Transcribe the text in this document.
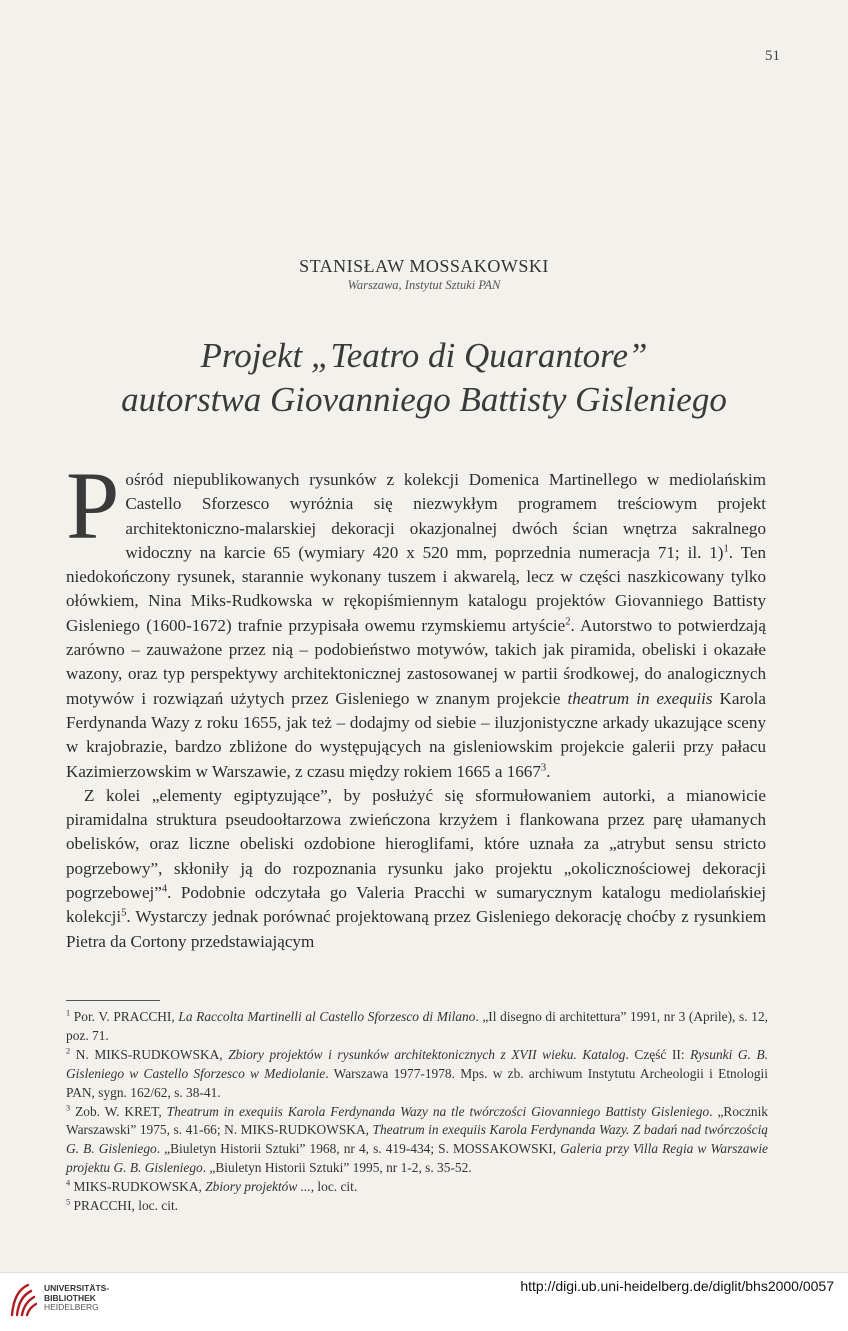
51
STANISŁAW MOSSAKOWSKI
Warszawa, Instytut Sztuki PAN
Projekt „Teatro di Quarantore”
autorstwa Giovanniego Battisty Gisleniego

Pośród niepublikowanych rysunków z kolekcji Domenica Martinellego w mediolańskim Castello Sforzesco wyróżnia się niezwykłym programem treściowym projekt architektoniczno-malarskiej dekoracji okazjonalnej dwóch ścian wnętrza sakralnego widoczny na karcie 65 (wymiary 420 x 520 mm, poprzednia numeracja 71; il. 1)$^1$. Ten niedokończony rysunek, starannie wykonany tuszem i akwarelą, lecz w części naszkicowany tylko ołówkiem, Nina Miks-Rudkowska w rękopiśmiennym katalogu projektów Giovanniego Battisty Gisleniego (1600-1672) trafnie przypisała owemu rzymskiemu artyście$^2$. Autorstwo to potwierdzają zarówno – zauważone przez nią – podobieństwo motywów, takich jak piramida, obeliski i okazałe wazony, oraz typ perspektywy architektonicznej zastosowanej w partii środkowej, do analogicznych motywów i rozwiązań użytych przez Gisleniego w znanym projekcie theatrum in exequiis Karola Ferdynanda Wazy z roku 1655, jak też – dodajmy od siebie – iluzjonistyczne arkady ukazujące sceny w krajobrazie, bardzo zbliżone do występujących na gisleniowskim projekcie galerii przy pałacu Kazimierzowskim w Warszawie, z czasu między rokiem 1665 a 1667$^3$.

Z kolei „elementy egiptyzujące”, by posłużyć się sformułowaniem autorki, a mianowicie piramidalna struktura pseudoołtarzowa zwieńczona krzyżem i flankowana przez parę ułamanych obelisków, oraz liczne obeliski ozdobione hieroglifami, które uznała za „atrybut sensu stricto pogrzebowy”, skłoniły ją do rozpoznania rysunku jako projektu „okolicznościowej dekoracji pogrzebowej”$^4$. Podobnie odczytała go Valeria Pracchi w sumarycznym katalogu mediolańskiej kolekcji$^5$. Wystarczy jednak porównać projektowaną przez Gisleniego dekorację choćby z rysunkiem Pietra da Cortony przedstawiającym

$^1$ Por. V. PRACCHI, La Raccolta Martinelli al Castello Sforzesco di Milano. „Il disegno di architettura” 1991, nr 3 (Aprile), s. 12, poz. 71.

$^2$ N. MIKS-RUDKOWSKA, Zbiory projektów i rysunków architektonicznych z XVII wieku. Katalog. Część II: Rysunki G. B. Gisleniego w Castello Sforzesco w Mediolanie. Warszawa 1977-1978. Mps. w zb. archiwum Instytutu Archeologii i Etnologii PAN, sygn. 162/62, s. 38-41.

$^3$ Zob. W. KRET, Theatrum in exequiis Karola Ferdynanda Wazy na tle twórczości Giovanniego Battisty Gisleniego. „Rocznik Warszawski” 1975, s. 41-66; N. MIKS-RUDKOWSKA, Theatrum in exequiis Karola Ferdynanda Wazy. Z badań nad twórczością G. B. Gisleniego. „Biuletyn Historii Sztuki” 1968, nr 4, s. 419-434; S. MOSSAKOWSKI, Galeria przy Villa Regia w Warszawie projektu G. B. Gisleniego. „Biuletyn Historii Sztuki” 1995, nr 1-2, s. 35-52.

$^4$ MIKS-RUDKOWSKA, Zbiory projektów ..., loc. cit.

$^5$ PRACCHI, loc. cit.

UNIVERSITÄTS-
BIBLIOTHEK
HEIDELBERG
http://digi.ub.uni-heidelberg.de/diglit/bhs2000/0057
